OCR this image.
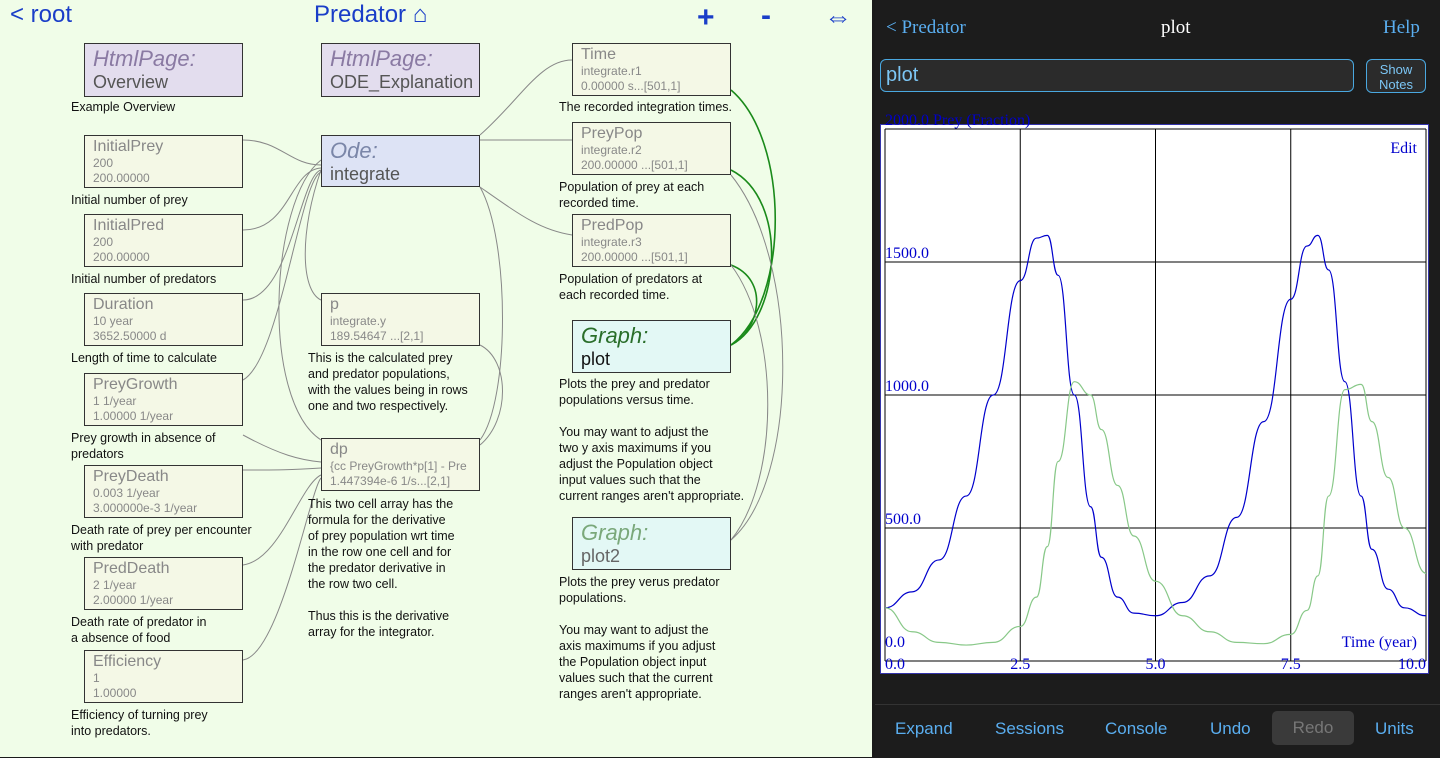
< root	Predator ⌂	+ - ⇔
HtmlPage:
Overview
Example Overview
HtmlPage:
ODE_Explanation
InitialPrey
200
200.00000
Initial number of prey
InitialPred
200
200.00000
Initial number of predators
Duration
10 year
3652.50000 d
Length of time to calculate
PreyGrowth
1 1/year
1.00000 1/year
Prey growth in absence of
predators
PreyDeath
0.003 1/year
3.000000e-3 1/year
Death rate of prey per encounter
with predator
PredDeath
2 1/year
2.00000 1/year
Death rate of predator in
a absence of food
Efficiency
1
1.00000
Efficiency of turning prey
into predators.
Ode:
integrate
p
integrate.y
189.54647 ...[2,1]
This is the calculated prey
and predator populations,
with the values being in rows
one and two respectively.
dp
{cc PreyGrowth*p[1] - Pre
1.447394e-6 1/s...[2,1]
This two cell array has the
formula for the derivative
of prey population wrt time
in the row one cell and for
the predator derivative in
the row two cell.

Thus this is the derivative
array for the integrator.
Time
integrate.r1
0.00000 s...[501,1]
The recorded integration times.
PreyPop
integrate.r2
200.00000 ...[501,1]
Population of prey at each
recorded time.
PredPop
integrate.r3
200.00000 ...[501,1]
Population of predators at
each recorded time.
Graph:
plot
Plots the prey and predator
populations versus time.

You may want to adjust the
two y axis maximums if you
adjust the Population object
input values such that the
current ranges aren't appropriate.
Graph:
plot2
Plots the prey verus predator
populations.

You may want to adjust the
axis maximums if you adjust
the Population object input
values such that the current
ranges aren't appropriate.
< Predator	plot	Help
plot	Show Notes
500.0
1000.0
1500.0
2000.0 Prey (Fraction)
0.0
0.0	2.5	5.0	7.5	10.0
Time (year)
Edit
Expand Sessions Console	Undo	Redo	Units
